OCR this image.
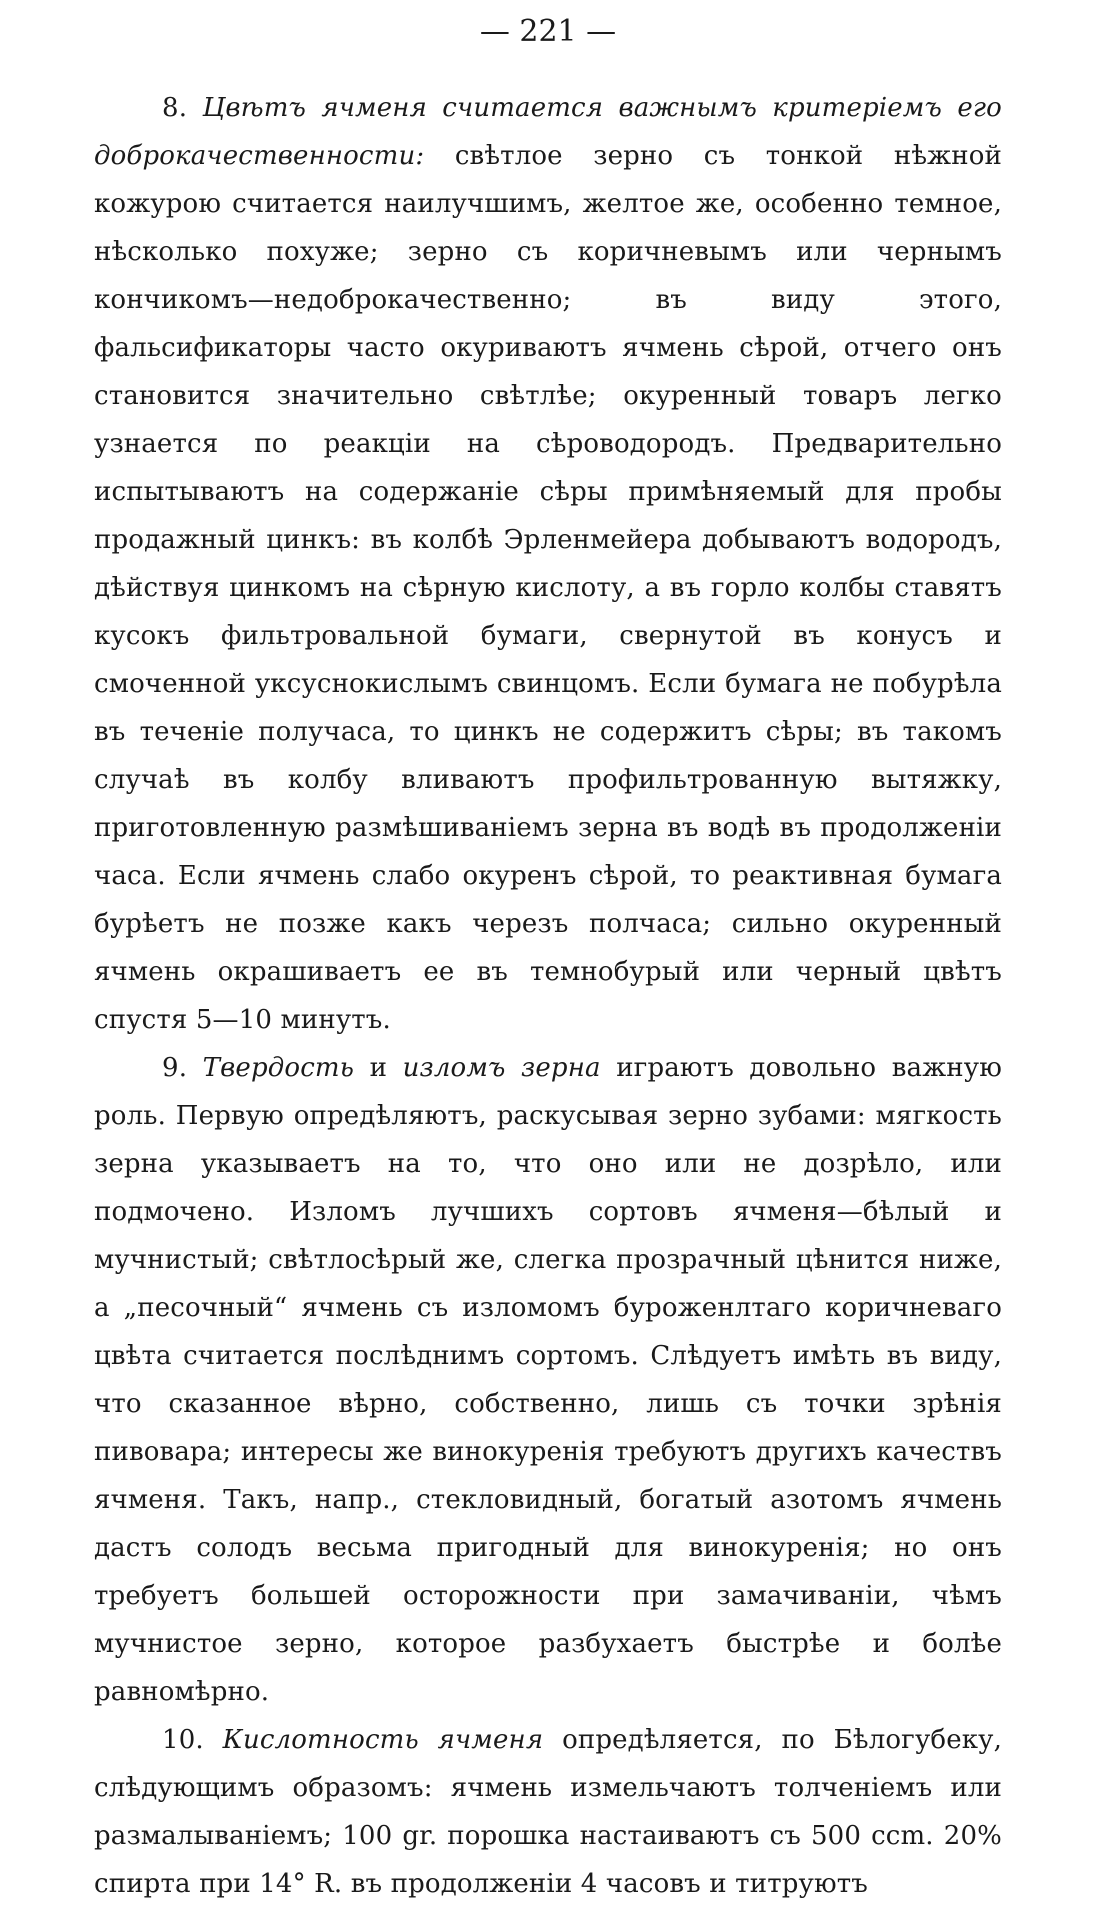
— 221 —

8. Цвѣтъ ячменя считается важнымъ критеріемъ его доброкачественности: свѣтлое зерно съ тонкой нѣжной кожурою считается наилучшимъ, желтое же, особенно темное, нѣсколько похуже; зерно съ коричневымъ или чернымъ кончикомъ—недоброкачественно; въ виду этого, фальсификаторы часто окуриваютъ ячмень сѣрой, отчего онъ становится значительно свѣтлѣе; окуренный товаръ легко узнается по реакціи на сѣроводородъ. Предварительно испытываютъ на содержаніе сѣры примѣняемый для пробы продажный цинкъ: въ колбѣ Эрленмейера добываютъ водородъ, дѣйствуя цинкомъ на сѣрную кислоту, а въ горло колбы ставятъ кусокъ фильтровальной бумаги, свернутой въ конусъ и смоченной уксуснокислымъ свинцомъ. Если бумага не побурѣла въ теченіе получаса, то цинкъ не содержитъ сѣры; въ такомъ случаѣ въ колбу вливаютъ профильтрованную вытяжку, приготовленную размѣшиваніемъ зерна въ водѣ въ продолженіи часа. Если ячмень слабо окуренъ сѣрой, то реактивная бумага бурѣетъ не позже какъ черезъ полчаса; сильно окуренный ячмень окрашиваетъ ее въ темнобурый или черный цвѣтъ спустя 5—10 минутъ.

9. Твердость и изломъ зерна играютъ довольно важную роль. Первую опредѣляютъ, раскусывая зерно зубами: мягкость зерна указываетъ на то, что оно или не дозрѣло, или подмочено. Изломъ лучшихъ сортовъ ячменя—бѣлый и мучнистый; свѣтлосѣрый же, слегка прозрачный цѣнится ниже, а „песочный“ ячмень съ изломомъ буроженлтаго коричневаго цвѣта считается послѣднимъ сортомъ. Слѣдуетъ имѣть въ виду, что сказанное вѣрно, собственно, лишь съ точки зрѣнія пивовара; интересы же винокуренія требуютъ другихъ качествъ ячменя. Такъ, напр., стекловидный, богатый азотомъ ячмень дастъ солодъ весьма пригодный для винокуренія; но онъ требуетъ большей осторожности при замачиваніи, чѣмъ мучнистое зерно, которое разбухаетъ быстрѣе и болѣе равномѣрно.

10. Кислотность ячменя опредѣляется, по Бѣлогубеку, слѣдующимъ образомъ: ячмень измельчаютъ толченіемъ или размалываніемъ; 100 gr. порошка настаиваютъ съ 500 ccm. 20% спирта при 14° R. въ продолженіи 4 часовъ и титруютъ
